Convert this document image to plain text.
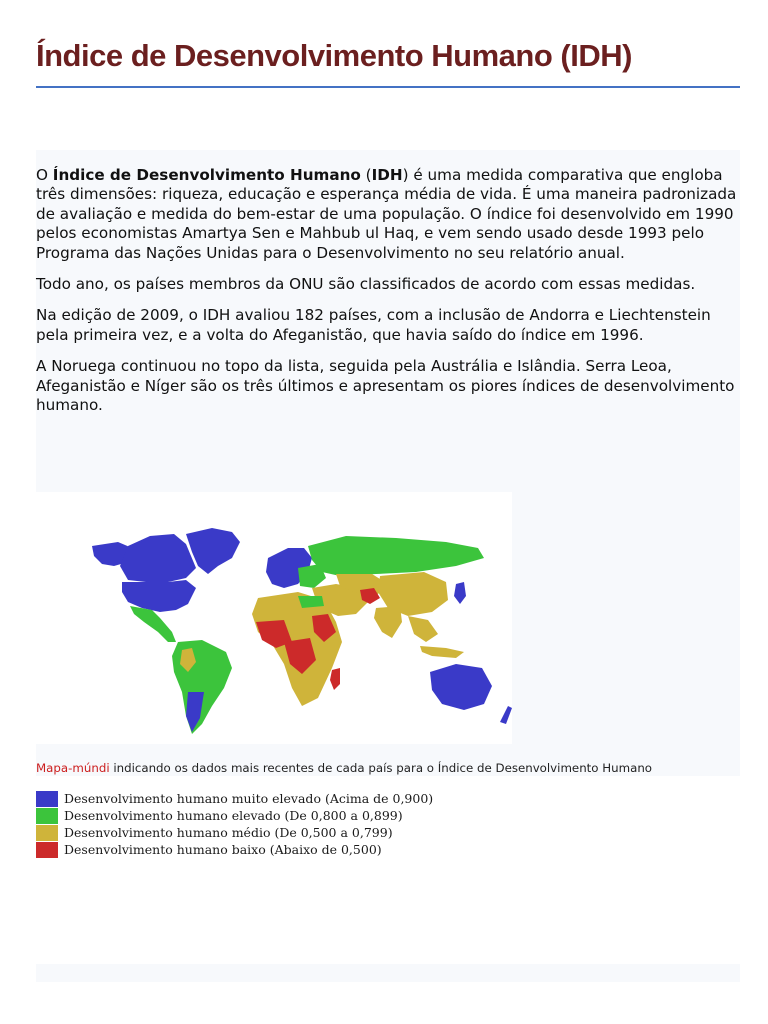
Índice de Desenvolvimento Humano (IDH)

O Índice de Desenvolvimento Humano (IDH) é uma medida comparativa que engloba três dimensões: riqueza, educação e esperança média de vida. É uma maneira padronizada de avaliação e medida do bem-estar de uma população. O índice foi desenvolvido em 1990 pelos economistas Amartya Sen e Mahbub ul Haq, e vem sendo usado desde 1993 pelo Programa das Nações Unidas para o Desenvolvimento no seu relatório anual.

Todo ano, os países membros da ONU são classificados de acordo com essas medidas.

Na edição de 2009, o IDH avaliou 182 países, com a inclusão de Andorra e Liechtenstein pela primeira vez, e a volta do Afeganistão, que havia saído do índice em 1996.

A Noruega continuou no topo da lista, seguida pela Austrália e Islândia. Serra Leoa, Afeganistão e Níger são os três últimos e apresentam os piores índices de desenvolvimento humano.

Mapa-múndi indicando os dados mais recentes de cada país para o Índice de Desenvolvimento Humano
Desenvolvimento humano muito elevado (Acima de 0,900)
Desenvolvimento humano elevado (De 0,800 a 0,899)
Desenvolvimento humano médio (De 0,500 a 0,799)
Desenvolvimento humano baixo (Abaixo de 0,500)
